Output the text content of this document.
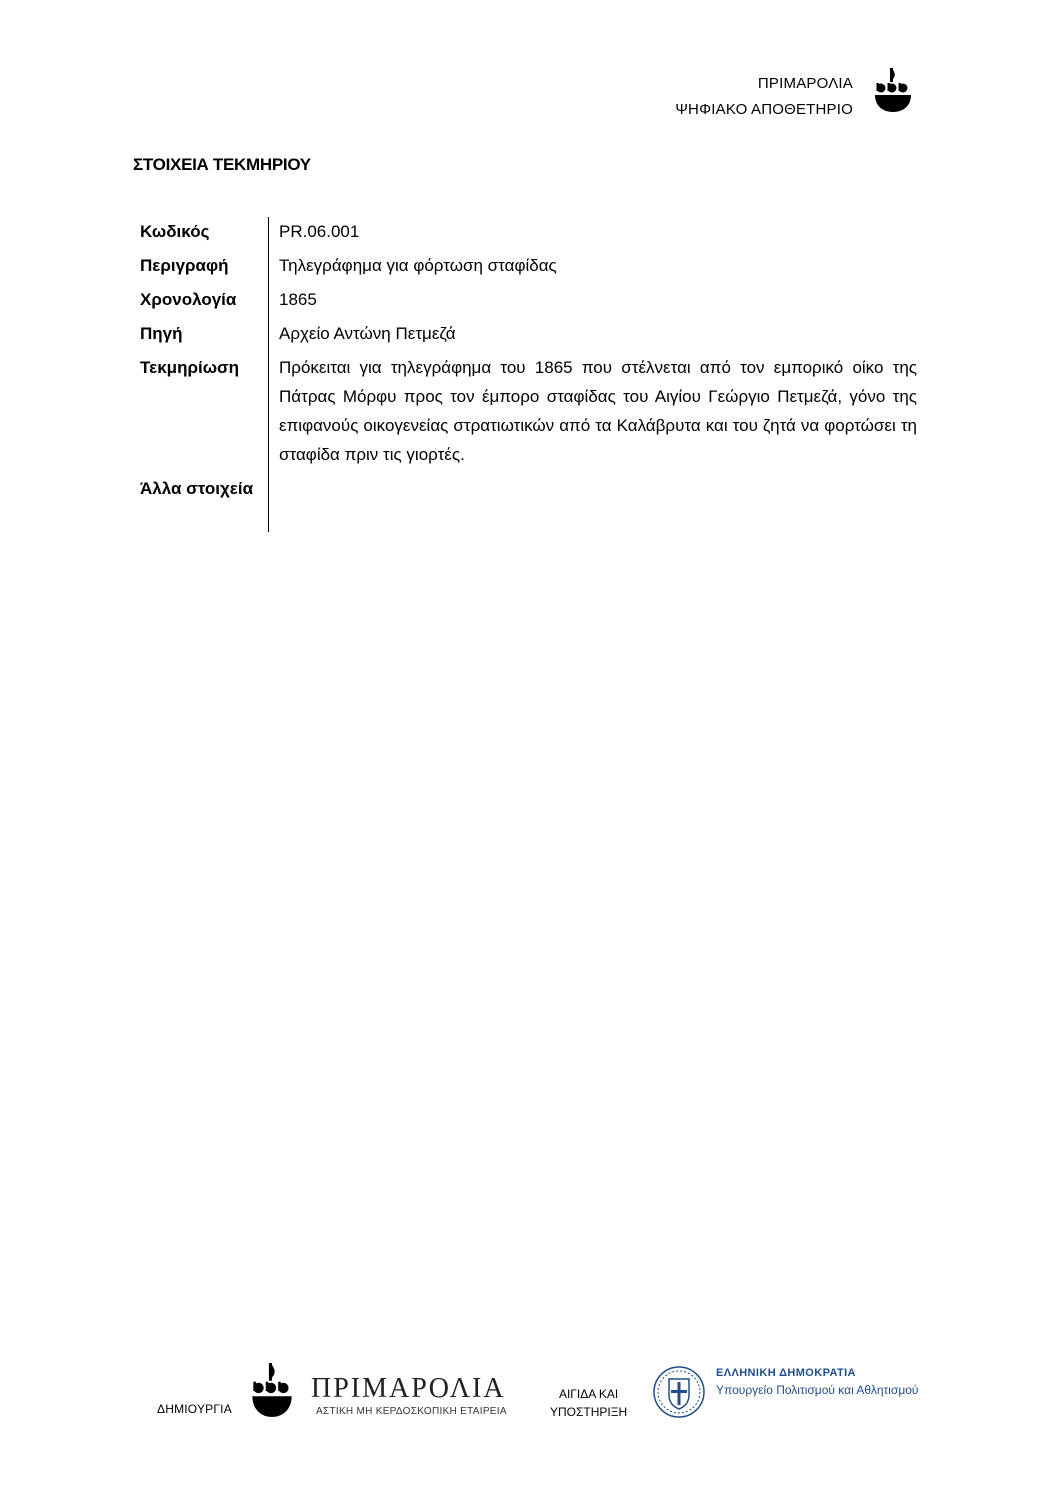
ΠΡΙΜΑΡΟΛΙΑ
ΨΗΦΙΑΚΟ ΑΠΟΘΕΤΗΡΙΟ
ΣΤΟΙΧΕΙΑ ΤΕΚΜΗΡΙΟΥ
Κωδικός	PR.06.001
Περιγραφή	Τηλεγράφημα για φόρτωση σταφίδας
Χρονολογία	1865
Πηγή	Αρχείο Αντώνη Πετμεζά
Τεκμηρίωση	Πρόκειται για τηλεγράφημα του 1865 που στέλνεται από τον εμπορικό οίκο της Πάτρας Μόρφυ προς τον έμπορο σταφίδας του Αιγίου Γεώργιο Πετμεζά, γόνο της επιφανούς οικογενείας στρατιωτικών από τα Καλάβρυτα και του ζητά να φορτώσει τη σταφίδα πριν τις γιορτές.
Άλλα στοιχεία	
ΔΗΜΙΟΥΡΓΙΑ
ΠΡΙΜΑΡΟΛΙΑ
ΑΣΤΙΚΗ ΜΗ ΚΕΡΔΟΣΚΟΠΙΚΗ ΕΤΑΙΡΕΙΑ
ΑΙΓΙΔΑ ΚΑΙ
ΥΠΟΣΤΗΡΙΞΗ
ΕΛΛΗΝΙΚΗ ΔΗΜΟΚΡΑΤΙΑ
Υπουργείο Πολιτισμού και Αθλητισμού
